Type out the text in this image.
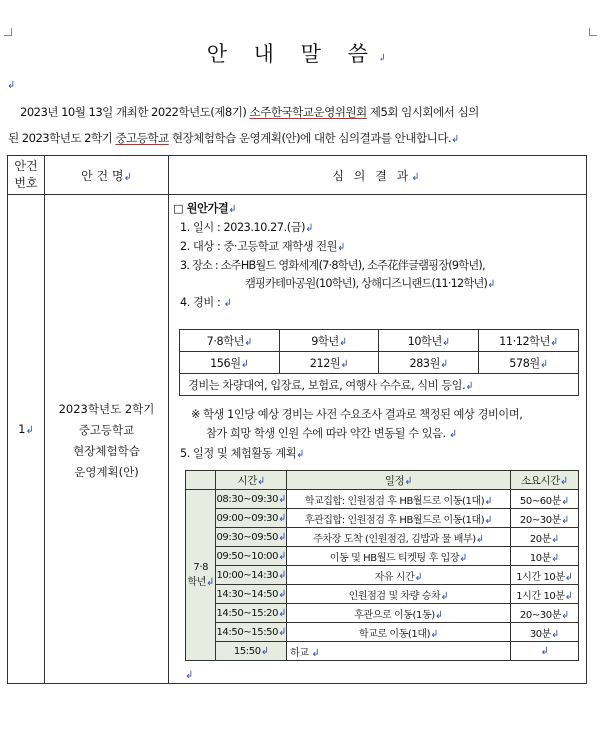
안 내 말 씀↲
↲
2023년 10월 13일 개최한 2022학년도(제8기) 소주한국학교운영위원회 제5회 임시회에서 심의
된 2023학년도 2학기 중고등학교 현장체험학습 운영계획(안)에 대한 심의결과를 안내합니다.↲
안건
번호	안 건 명↲	심 의 결 과↲
1↲
2023학년도 2학기
중고등학교
현장체험학습
운영계획(안)
□ 원안가결↲
1. 일시 : 2023.10.27.(금)↲
2. 대상 : 중·고등학교 재학생 전원↲
3. 장소 : 소주HB월드 영화세계(7·8학년), 소주花伴글램핑장(9학년),
캠핑카테마공원(10학년), 상해디즈니랜드(11·12학년)↲
4. 경비 : ↲
7·8학년↲	9학년↲	10학년↲	11·12학년↲
156원↲	212원↲	283원↲	578원↲
경비는 차량대여, 입장료, 보험료, 여행사 수수료, 식비 등임.↲			
※ 학생 1인당 예상 경비는 사전 수요조사 결과로 책정된 예상 경비이며,
참가 희망 학생 인원 수에 따라 약간 변동될 수 있음. ↲
5. 일정 및 체험활동 계획↲
	시간↲	일정↲	소요시간↲

7·8
학년↲	08:30~09:30↲	학교집합: 인원점검 후 HB월드로 이동(1대)↲	50~60분↲
	09:00~09:30↲	후관집합: 인원점검 후 HB월드로 이동(1대)↲	20~30분↲
	09:30~09:50↲	주차장 도착 (인원점검, 김밥과 물 배부)↲	20분↲
	09:50~10:00↲	이동 및 HB월드 티켓팅 후 입장↲	10분↲
	10:00~14:30↲	자유 시간↲	1시간 10분↲
	14:30~14:50↲	인원점검 및 차량 승차↲	1시간 10분↲
	14:50~15:20↲	후관으로 이동(1동)↲	20~30분↲
	14:50~15:50↲	학교로 이동(1대)↲	30분↲
	15:50↲	하교 ↲	↲
↲
